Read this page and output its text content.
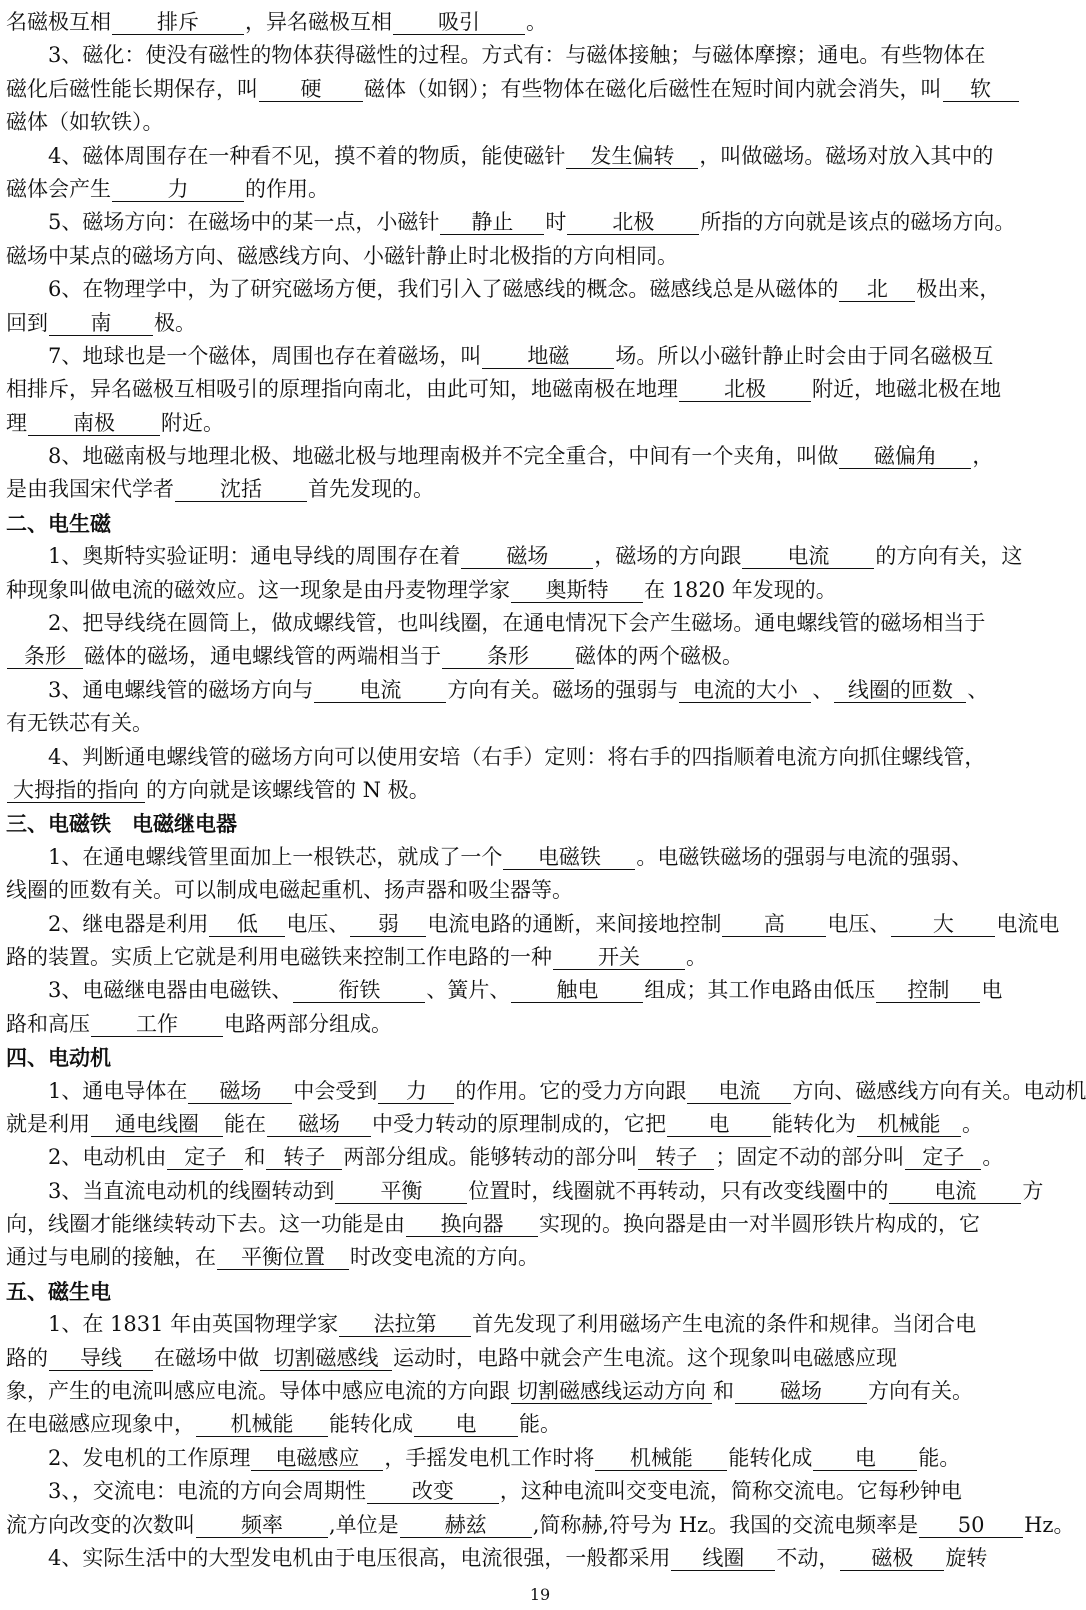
名磁极互相 排斥 ，异名磁极互相 吸引 。
3、磁化：使没有磁性的物体获得磁性的过程。方式有：与磁体接触；与磁体摩擦；通电。有些物体在
磁化后磁性能长期保存，叫 硬 磁体（如钢）；有些物体在磁化后磁性在短时间内就会消失，叫 软
磁体（如软铁）。
4、磁体周围存在一种看不见，摸不着的物质，能使磁针 发生偏转 ，叫做磁场。磁场对放入其中的
磁体会产生	力	的作用。
5、磁场方向：在磁场中的某一点，小磁针 静止 时 北极 所指的方向就是该点的磁场方向。
磁场中某点的磁场方向、磁感线方向、小磁针静止时北极指的方向相同。
6、在物理学中，为了研究磁场方便，我们引入了磁感线的概念。磁感线总是从磁体的 北 极出来，
回到 南 极。
7、地球也是一个磁体，周围也存在着磁场，叫 地磁 场。所以小磁针静止时会由于同名磁极互
相排斥，异名磁极互相吸引的原理指向南北，由此可知，地磁南极在地理 北极 附近，地磁北极在地
理 南极 附近。
8、地磁南极与地理北极、地磁北极与地理南极并不完全重合，中间有一个夹角，叫做 磁偏角 ，
是由我国宋代学者 沈括 首先发现的。
二、电生磁
1、奥斯特实验证明：通电导线的周围存在着 磁场 ，磁场的方向跟 电流 的方向有关，这
种现象叫做电流的磁效应。这一现象是由丹麦物理学家 奥斯特 在 1820 年发现的。
2、把导线绕在圆筒上，做成螺线管，也叫线圈，在通电情况下会产生磁场。通电螺线管的磁场相当于
条形 磁体的磁场，通电螺线管的两端相当于 条形 磁体的两个磁极。
3、通电螺线管的磁场方向与 电流 方向有关。磁场的强弱与 电流的大小 、 线圈的匝数 、
有无铁芯有关。
4、判断通电螺线管的磁场方向可以使用安培（右手）定则：将右手的四指顺着电流方向抓住螺线管，
大拇指的指向 的方向就是该螺线管的 N 极。
三、电磁铁　电磁继电器
1、在通电螺线管里面加上一根铁芯，就成了一个 电磁铁 。电磁铁磁场的强弱与电流的强弱、
线圈的匝数有关。可以制成电磁起重机、扬声器和吸尘器等。
2、继电器是利用 低 电压、 弱 电流电路的通断，来间接地控制 高 电压、 大 电流电
路的装置。实质上它就是利用电磁铁来控制工作电路的一种 开关 。
3、电磁继电器由电磁铁、 衔铁 、簧片、 触电 组成；其工作电路由低压 控制 电
路和高压 工作 电路两部分组成。
四、电动机
1、通电导体在 磁场 中会受到 力 的作用。它的受力方向跟 电流 方向、磁感线方向有关。电动机
就是利用 通电线圈 能在 磁场 中受力转动的原理制成的，它把 电 能转化为 机械能 。
2、电动机由 定子 和 转子 两部分组成。能够转动的部分叫 转子 ；固定不动的部分叫 定子 。
3、当直流电动机的线圈转动到 平衡 位置时，线圈就不再转动，只有改变线圈中的 电流 方
向，线圈才能继续转动下去。这一功能是由 换向器 实现的。换向器是由一对半圆形铁片构成的，它
通过与电刷的接触，在 平衡位置 时改变电流的方向。
五、磁生电
1、在 1831 年由英国物理学家 法拉第 首先发现了利用磁场产生电流的条件和规律。当闭合电
路的 导线 在磁场中做 切割磁感线 运动时，电路中就会产生电流。这个现象叫电磁感应现
象，产生的电流叫感应电流。导体中感应电流的方向跟 切割磁感线运动方向 和 磁场 方向有关。
在电磁感应现象中， 机械能 能转化成 电 能。
2、发电机的工作原理 电磁感应 ，手摇发电机工作时将 机械能 能转化成 电 能。
3、，交流电：电流的方向会周期性 改变 ，这种电流叫交变电流，简称交流电。它每秒钟电
流方向改变的次数叫 频率 ,单位是 赫兹 ,简称赫,符号为 Hz。我国的交流电频率是 50 Hz。
4、实际生活中的大型发电机由于电压很高，电流很强，一般都采用 线圈 不动， 磁极 旋转
19
